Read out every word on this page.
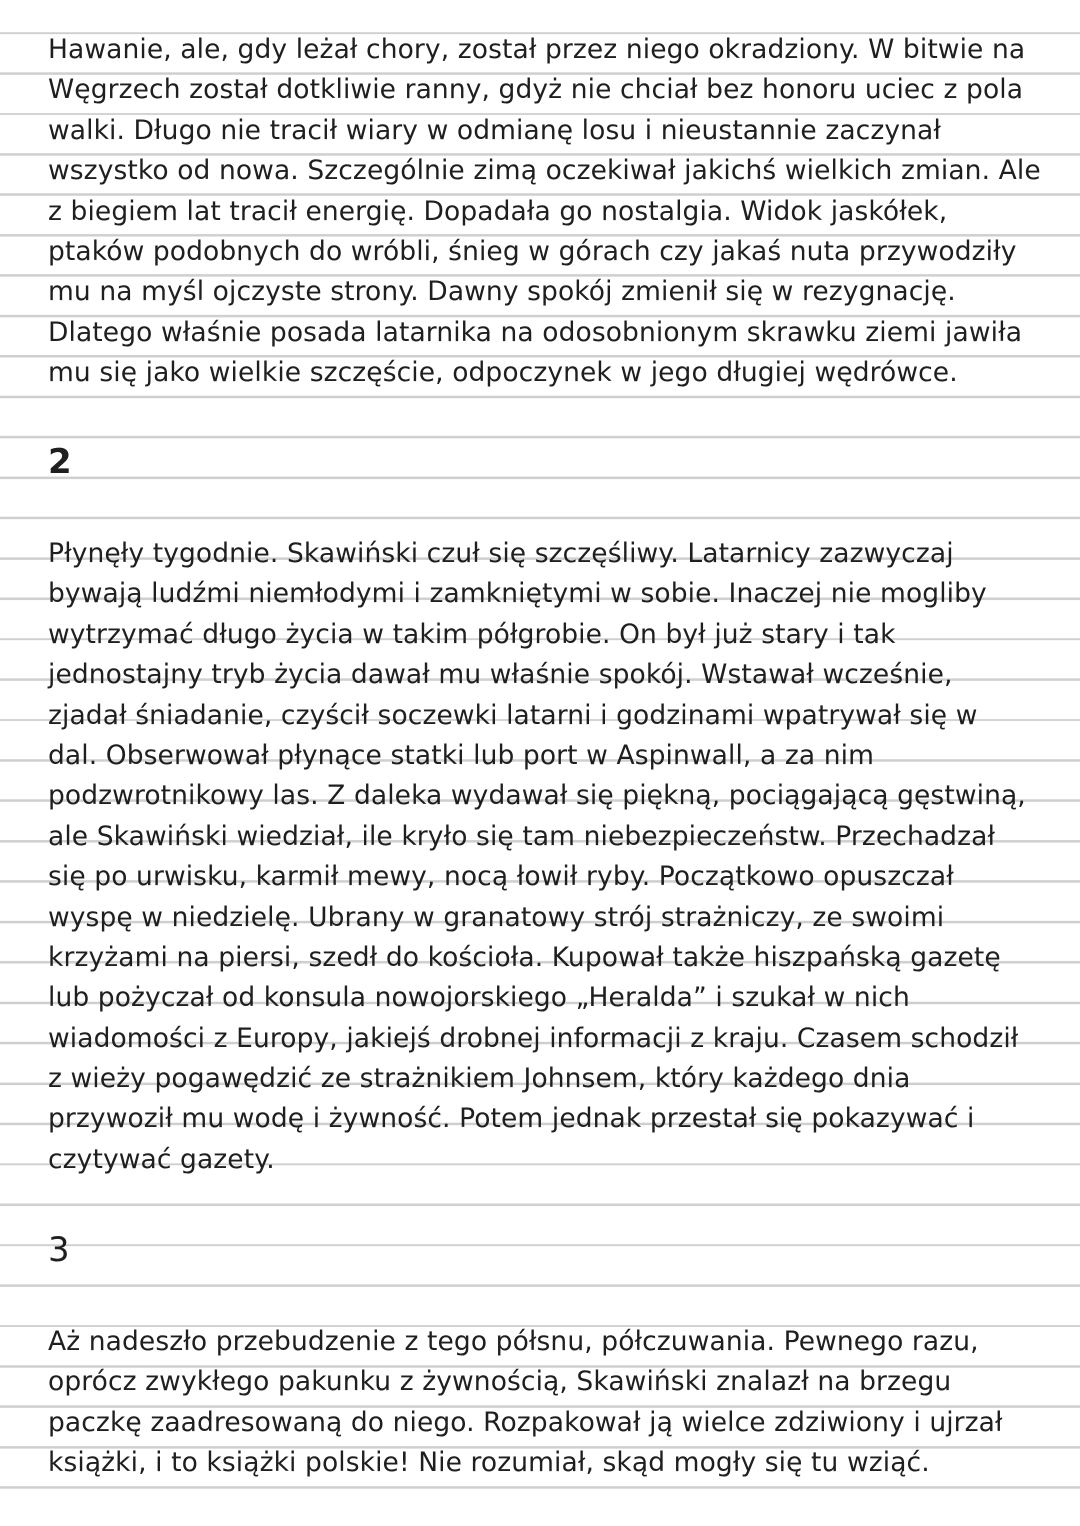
Hawanie, ale, gdy leżał chory, został przez niego okradziony. W bitwie na
Węgrzech został dotkliwie ranny, gdyż nie chciał bez honoru uciec z pola
walki. Długo nie tracił wiary w odmianę losu i nieustannie zaczynał
wszystko od nowa. Szczególnie zimą oczekiwał jakichś wielkich zmian. Ale
z biegiem lat tracił energię. Dopadała go nostalgia. Widok jaskółek,
ptaków podobnych do wróbli, śnieg w górach czy jakaś nuta przywodziły
mu na myśl ojczyste strony. Dawny spokój zmienił się w rezygnację.
Dlatego właśnie posada latarnika na odosobnionym skrawku ziemi jawiła
mu się jako wielkie szczęście, odpoczynek w jego długiej wędrówce.
2
Płynęły tygodnie. Skawiński czuł się szczęśliwy. Latarnicy zazwyczaj
bywają ludźmi niemłodymi i zamkniętymi w sobie. Inaczej nie mogliby
wytrzymać długo życia w takim półgrobie. On był już stary i tak
jednostajny tryb życia dawał mu właśnie spokój. Wstawał wcześnie,
zjadał śniadanie, czyścił soczewki latarni i godzinami wpatrywał się w
dal. Obserwował płynące statki lub port w Aspinwall, a za nim
podzwrotnikowy las. Z daleka wydawał się piękną, pociągającą gęstwiną,
ale Skawiński wiedział, ile kryło się tam niebezpieczeństw. Przechadzał
się po urwisku, karmił mewy, nocą łowił ryby. Początkowo opuszczał
wyspę w niedzielę. Ubrany w granatowy strój strażniczy, ze swoimi
krzyżami na piersi, szedł do kościoła. Kupował także hiszpańską gazetę
lub pożyczał od konsula nowojorskiego „Heralda” i szukał w nich
wiadomości z Europy, jakiejś drobnej informacji z kraju. Czasem schodził
z wieży pogawędzić ze strażnikiem Johnsem, który każdego dnia
przywoził mu wodę i żywność. Potem jednak przestał się pokazywać i
czytywać gazety.
3
Aż nadeszło przebudzenie z tego półsnu, półczuwania. Pewnego razu,
oprócz zwykłego pakunku z żywnością, Skawiński znalazł na brzegu
paczkę zaadresowaną do niego. Rozpakował ją wielce zdziwiony i ujrzał
książki, i to książki polskie! Nie rozumiał, skąd mogły się tu wziąć.
